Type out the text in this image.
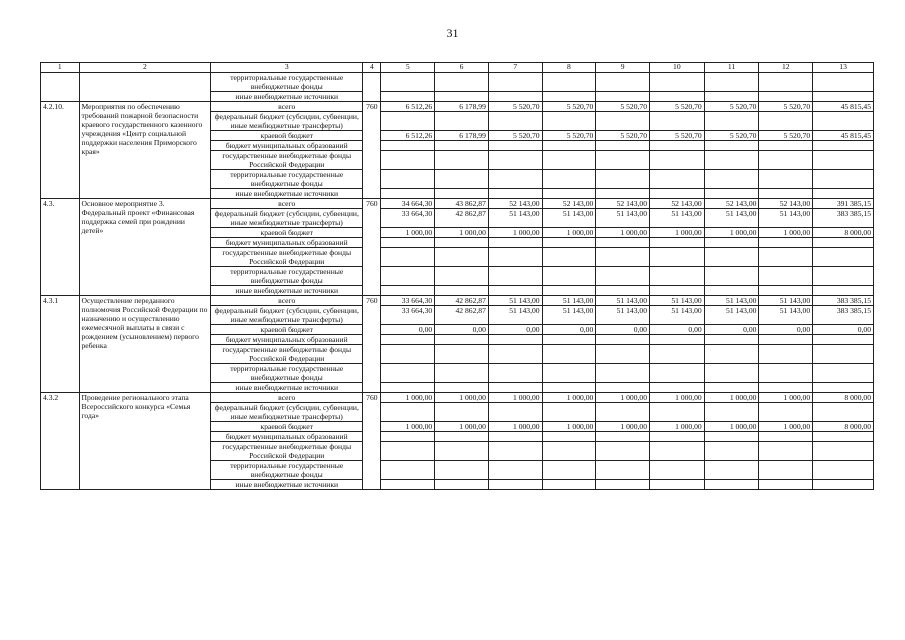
31
1	2	3	4	5	6	7	8	9	10	11	12	13
		территориальные государственные внебюджетные фонды										
		иные внебюджетные источники										
4.2.10.	Мероприятия по обеспечению требований пожарной безопасности краевого государственного казенного учреждения «Центр социальной поддержки населения Приморского края»	всего	760	6 512,26	6 178,99	5 520,70	5 520,70	5 520,70	5 520,70	5 520,70	5 520,70	45 815,45
		федеральный бюджет (субсидии, субвенции, иные межбюджетные трансферты)										
		краевой бюджет		6 512,26	6 178,99	5 520,70	5 520,70	5 520,70	5 520,70	5 520,70	5 520,70	45 815,45
		бюджет муниципальных образований										
		государственные внебюджетные фонды Российской Федерации										
		территориальные государственные внебюджетные фонды										
		иные внебюджетные источники										
4.3.	Основное мероприятие 3. Федеральный проект «Финансовая поддержка семей при рождении детей»	всего	760	34 664,30	43 862,87	52 143,00	52 143,00	52 143,00	52 143,00	52 143,00	52 143,00	391 385,15
		федеральный бюджет (субсидии, субвенции, иные межбюджетные трансферты)		33 664,30	42 862,87	51 143,00	51 143,00	51 143,00	51 143,00	51 143,00	51 143,00	383 385,15
		краевой бюджет		1 000,00	1 000,00	1 000,00	1 000,00	1 000,00	1 000,00	1 000,00	1 000,00	8 000,00
		бюджет муниципальных образований										
		государственные внебюджетные фонды Российской Федерации										
		территориальные государственные внебюджетные фонды										
		иные внебюджетные источники										
4.3.1	Осуществление переданного полномочия Российской Федерации по назначению и осуществлению ежемесячной выплаты в связи с рождением (усыновлением) первого ребенка	всего	760	33 664,30	42 862,87	51 143,00	51 143,00	51 143,00	51 143,00	51 143,00	51 143,00	383 385,15
		федеральный бюджет (субсидии, субвенции, иные межбюджетные трансферты)		33 664,30	42 862,87	51 143,00	51 143,00	51 143,00	51 143,00	51 143,00	51 143,00	383 385,15
		краевой бюджет		0,00	0,00	0,00	0,00	0,00	0,00	0,00	0,00	0,00
		бюджет муниципальных образований										
		государственные внебюджетные фонды Российской Федерации										
		территориальные государственные внебюджетные фонды										
		иные внебюджетные источники										
4.3.2	Проведение регионального этапа Всероссийского конкурса «Семья года»	всего	760	1 000,00	1 000,00	1 000,00	1 000,00	1 000,00	1 000,00	1 000,00	1 000,00	8 000,00
		федеральный бюджет (субсидии, субвенции, иные межбюджетные трансферты)										
		краевой бюджет		1 000,00	1 000,00	1 000,00	1 000,00	1 000,00	1 000,00	1 000,00	1 000,00	8 000,00
		бюджет муниципальных образований										
		государственные внебюджетные фонды Российской Федерации										
		территориальные государственные внебюджетные фонды										
		иные внебюджетные источники										
